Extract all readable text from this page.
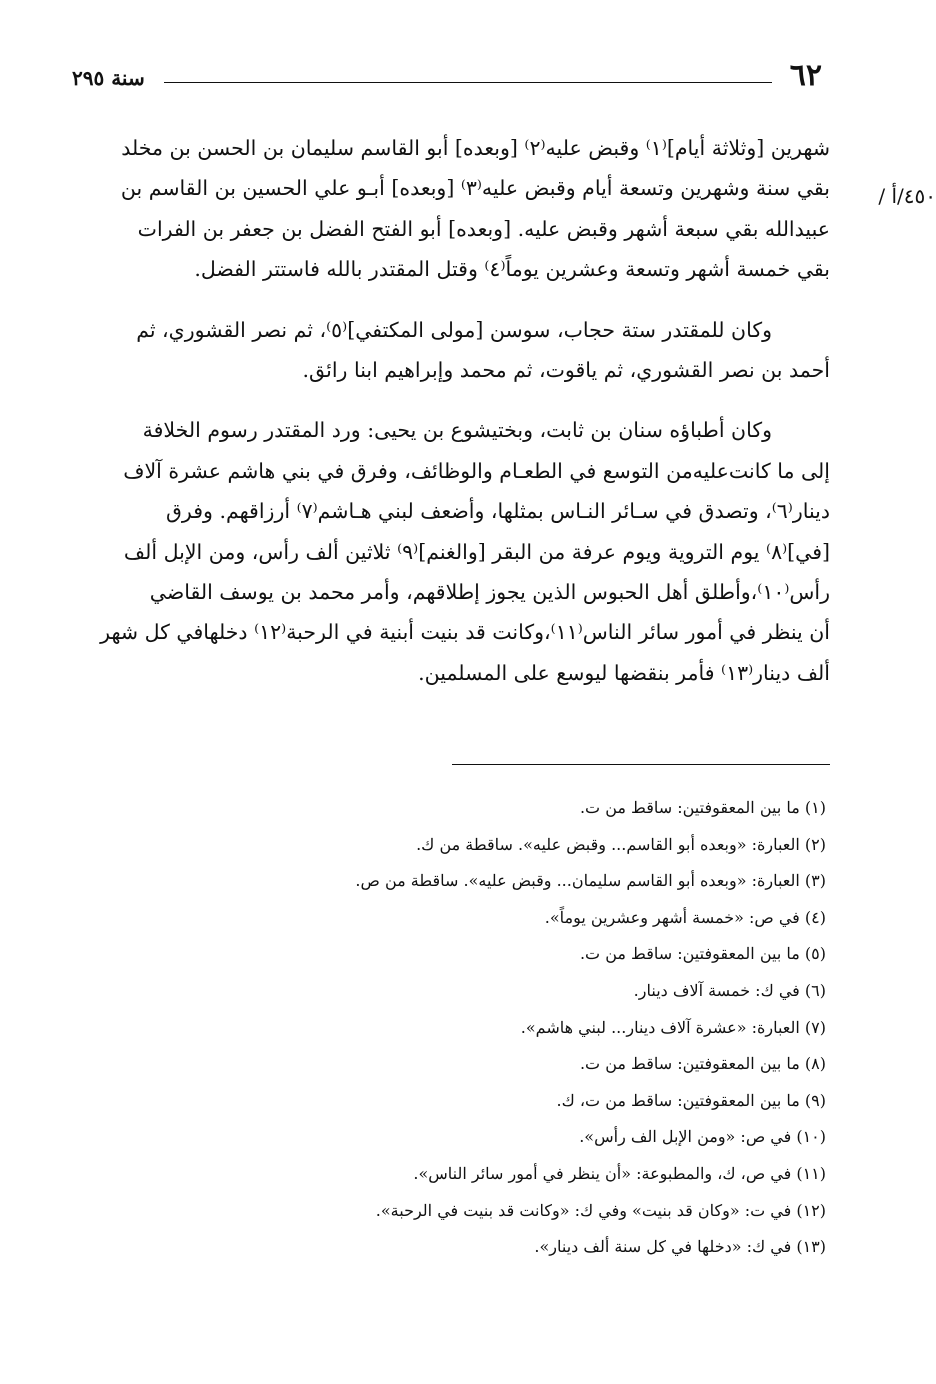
٦٢
سنة ٢٩٥
٤٥٠/أ /

شهرين [وثلاثة أيام]⁽١⁾ وقبض عليه⁽٢⁾ [وبعده] أبو القاسم سليمان بن الحسن بن مخلد

بقي سنة وشهرين وتسعة أيام وقبض عليه⁽٣⁾ [وبعده] أبـو علي الحسين بن القاسم بن

عبيدالله بقي سبعة أشهر وقبض عليه. [وبعده] أبو الفتح الفضل بن جعفر بن الفرات

بقي خمسة أشهر وتسعة وعشرين يوماً⁽٤⁾ وقتل المقتدر بالله فاستتر الفضل.

وكان للمقتدر ستة حجاب، سوسن [مولى المكتفي]⁽٥⁾، ثم نصر القشوري، ثم

أحمد بن نصر القشوري، ثم ياقوت، ثم محمد وإبراهيم ابنا رائق.

وكان أطباؤه سنان بن ثابت، وبختيشوع بن يحيى: ورد المقتدر رسوم الخلافة

إلى ما كانت‌عليه‌من التوسع في الطعـام والوظائف، وفرق في بني هاشم عشرة آلاف

دينار⁽٦⁾، وتصدق في سـائر النـاس بمثلها، وأضعف لبني هـاشم⁽٧⁾ أرزاقهم. وفرق

[في]⁽٨⁾ يوم التروية ويوم عرفة من البقر [والغنم]⁽٩⁾ ثلاثين ألف رأس، ومن الإبل ألف

رأس⁽١٠⁾،وأطلق أهل الحبوس الذين يجوز إطلاقهم، وأمر محمد بن يوسف القاضي

أن ينظر في أمور سائر الناس⁽١١⁾،وكانت قد بنيت أبنية في الرحبة⁽١٢⁾ دخلها‌في كل شهر

ألف دينار⁽١٣⁾ فأمر بنقضها ليوسع على المسلمين.

(١) ما بين المعقوفتين: ساقط من ت.
(٢) العبارة: «وبعده أبو القاسم... وقبض عليه». ساقطة من ك.
(٣) العبارة: «وبعده أبو القاسم سليمان... وقبض عليه». ساقطة من ص.
(٤) في ص: «خمسة أشهر وعشرين يوماً».
(٥) ما بين المعقوفتين: ساقط من ت.
(٦) في ك: خمسة آلاف دينار.
(٧) العبارة: «عشرة آلاف دينار... لبني هاشم».
(٨) ما بين المعقوفتين: ساقط من ت.
(٩) ما بين المعقوفتين: ساقط من ت، ك.
(١٠) في ص: «ومن الإبل الف رأس».
(١١) في ص، ك، والمطبوعة: «أن ينظر في أمور سائر الناس».
(١٢) في ت: «وكان قد بنيت» وفي ك: «وكانت قد بنيت في الرحبة».
(١٣) في ك: «دخلها في كل سنة ألف دينار».
